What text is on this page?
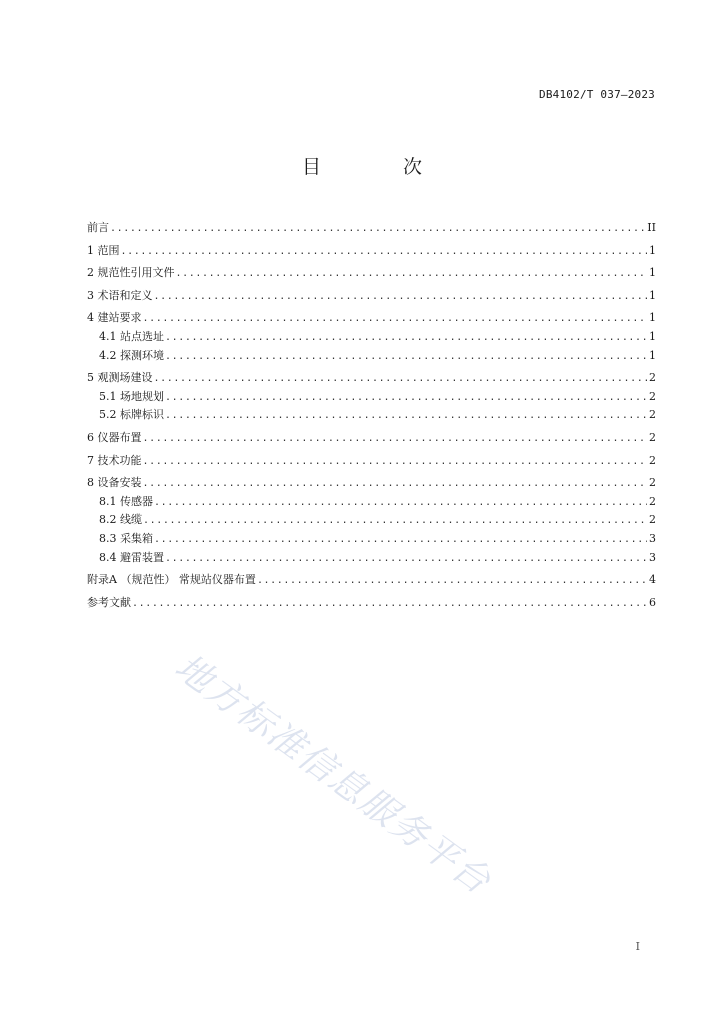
DB4102/T 037—2023
目 次
前言 .....	II
1 范围 .....	1
2 规范性引用文件 .....	1
3 术语和定义 .....	1
4 建站要求 .....	1
4.1 站点选址 .....	1
4.2 探测环境 .....	1
5 观测场建设 .....	2
5.1 场地规划 .....	2
5.2 标牌标识 .....	2
6 仪器布置 .....	2
7 技术功能 .....	2
8 设备安装 .....	2
8.1 传感器 .....	2
8.2 线缆 .....	2
8.3 采集箱 .....	3
8.4 避雷装置 .....	3
附录A （规范性） 常规站仪器布置 .....	4
参考文献 .....	6
地方标准信息服务平台
I
